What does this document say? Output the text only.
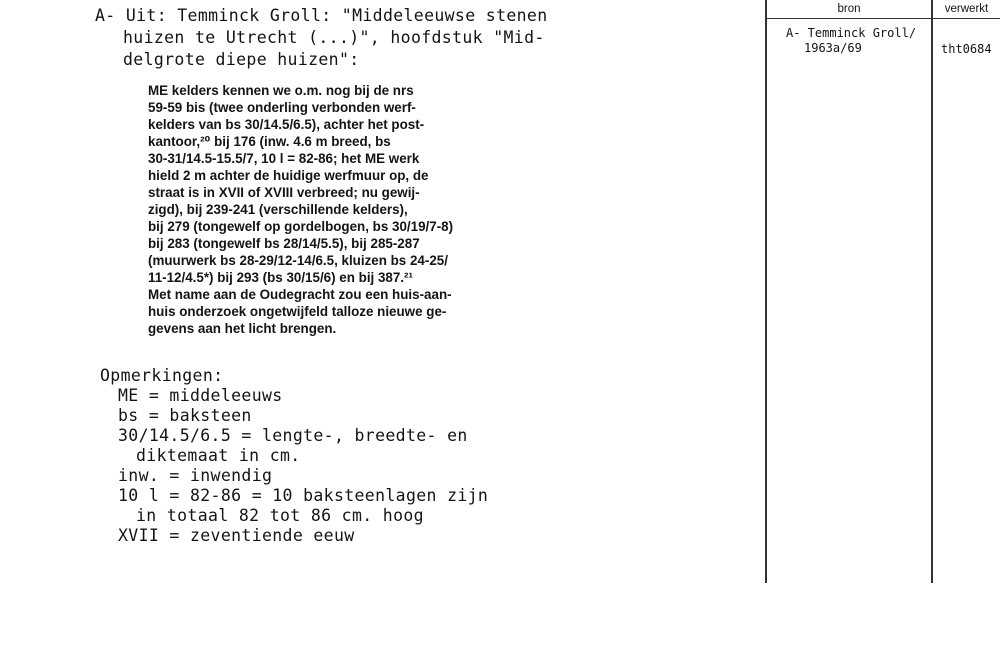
A- Uit: Temminck Groll: "Middeleeuwse stenen
huizen te Utrecht (...)", hoofdstuk "Mid-
delgrote diepe huizen":
ME kelders kennen we o.m. nog bij de nrs
59-59 bis (twee onderling verbonden werf-
kelders van bs 30/14.5/6.5), achter het post-
kantoor,²⁰ bij 176 (inw. 4.6 m breed, bs
30-31/14.5-15.5/7, 10 l = 82-86; het ME werk
hield 2 m achter de huidige werfmuur op, de
straat is in XVII of XVIII verbreed; nu gewij-
zigd), bij 239-241 (verschillende kelders),
bij 279 (tongewelf op gordelbogen, bs 30/19/7-8)
bij 283 (tongewelf bs 28/14/5.5), bij 285-287
(muurwerk bs 28-29/12-14/6.5, kluizen bs 24-25/
11-12/4.5*) bij 293 (bs 30/15/6) en bij 387.²¹
Met name aan de Oudegracht zou een huis-aan-
huis onderzoek ongetwijfeld talloze nieuwe ge-
gevens aan het licht brengen.
Opmerkingen:
ME = middeleeuws
bs = baksteen
30/14.5/6.5 = lengte-, breedte- en
diktemaat in cm.
inw. = inwendig
10 l = 82-86 = 10 baksteenlagen zijn
in totaal 82 tot 86 cm. hoog
XVII = zeventiende eeuw
bron	verwerkt
A- Temminck Groll/
1963a/69	tht0684
